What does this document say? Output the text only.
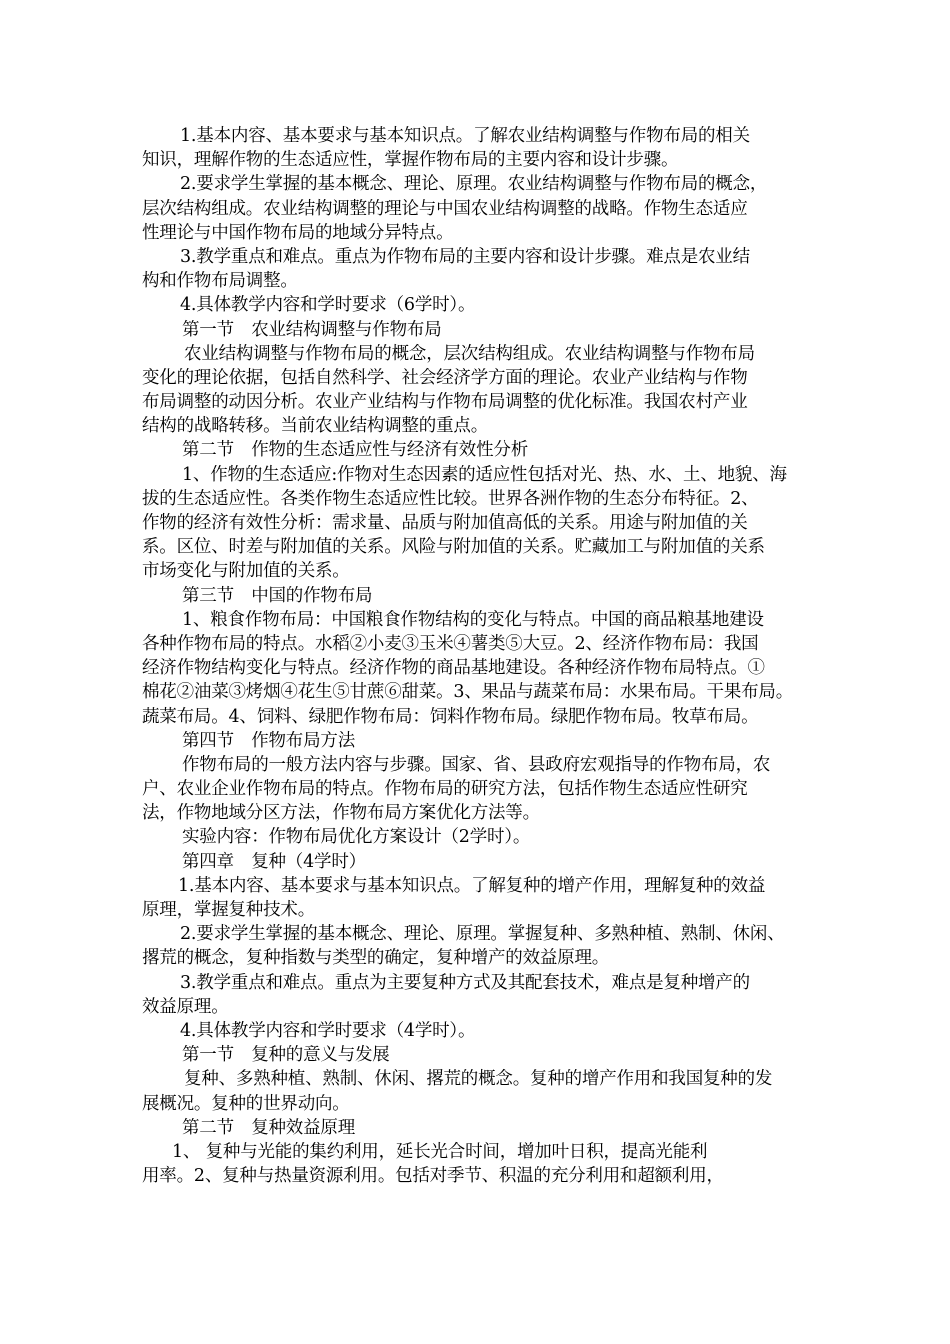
1.基本内容、基本要求与基本知识点。了解农业结构调整与作物布局的相关
知识，理解作物的生态适应性，掌握作物布局的主要内容和设计步骤。
2.要求学生掌握的基本概念、理论、原理。农业结构调整与作物布局的概念，
层次结构组成。农业结构调整的理论与中国农业结构调整的战略。作物生态适应
性理论与中国作物布局的地域分异特点。
3.教学重点和难点。重点为作物布局的主要内容和设计步骤。难点是农业结
构和作物布局调整。
4.具体教学内容和学时要求（6学时）。
第一节　农业结构调整与作物布局
农业结构调整与作物布局的概念，层次结构组成。农业结构调整与作物布局
变化的理论依据，包括自然科学、社会经济学方面的理论。农业产业结构与作物
布局调整的动因分析。农业产业结构与作物布局调整的优化标准。我国农村产业
结构的战略转移。当前农业结构调整的重点。
第二节　作物的生态适应性与经济有效性分析
1、作物的生态适应:作物对生态因素的适应性包括对光、热、水、土、地貌、海
拔的生态适应性。各类作物生态适应性比较。世界各洲作物的生态分布特征。2、
作物的经济有效性分析：需求量、品质与附加值高低的关系。用途与附加值的关
系。区位、时差与附加值的关系。风险与附加值的关系。贮藏加工与附加值的关系
市场变化与附加值的关系。
第三节　中国的作物布局
1、粮食作物布局：中国粮食作物结构的变化与特点。中国的商品粮基地建设
各种作物布局的特点。水稻②小麦③玉米④薯类⑤大豆。2、经济作物布局：我国
经济作物结构变化与特点。经济作物的商品基地建设。各种经济作物布局特点。①
棉花②油菜③烤烟④花生⑤甘蔗⑥甜菜。3、果品与蔬菜布局：水果布局。干果布局。
蔬菜布局。4、饲料、绿肥作物布局：饲料作物布局。绿肥作物布局。牧草布局。
第四节　作物布局方法
作物布局的一般方法内容与步骤。国家、省、县政府宏观指导的作物布局，农
户、农业企业作物布局的特点。作物布局的研究方法，包括作物生态适应性研究
法，作物地域分区方法，作物布局方案优化方法等。
实验内容：作物布局优化方案设计（2学时）。
第四章　复种（4学时）
1.基本内容、基本要求与基本知识点。了解复种的增产作用，理解复种的效益
原理，掌握复种技术。
2.要求学生掌握的基本概念、理论、原理。掌握复种、多熟种植、熟制、休闲、
撂荒的概念，复种指数与类型的确定，复种增产的效益原理。
3.教学重点和难点。重点为主要复种方式及其配套技术，难点是复种增产的
效益原理。
4.具体教学内容和学时要求（4学时）。
第一节　复种的意义与发展
复种、多熟种植、熟制、休闲、撂荒的概念。复种的增产作用和我国复种的发
展概况。复种的世界动向。
第二节　复种效益原理
1、 复种与光能的集约利用，延长光合时间，增加叶日积，提高光能利
用率。2、复种与热量资源利用。包括对季节、积温的充分利用和超额利用，
